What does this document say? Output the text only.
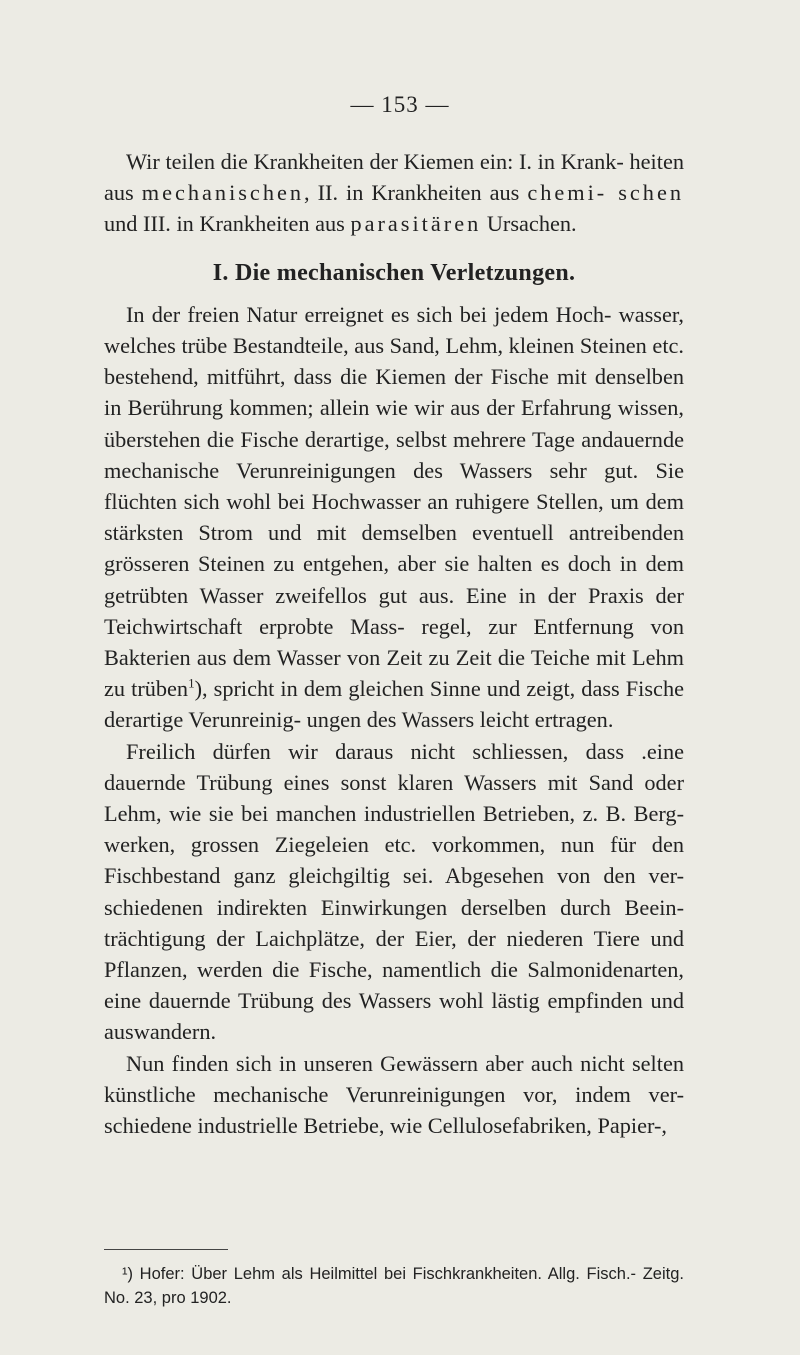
— 153 —

Wir teilen die Krankheiten der Kiemen ein: I. in Krank- heiten aus mechanischen, II. in Krankheiten aus chemi- schen und III. in Krankheiten aus parasitären Ursachen.

I. Die mechanischen Verletzungen.

In der freien Natur erreignet es sich bei jedem Hoch- wasser, welches trübe Bestandteile, aus Sand, Lehm, kleinen Steinen etc. bestehend, mitführt, dass die Kiemen der Fische mit denselben in Berührung kommen; allein wie wir aus der Erfahrung wissen, überstehen die Fische derartige, selbst mehrere Tage andauernde mechanische Verunreinigungen des Wassers sehr gut. Sie flüchten sich wohl bei Hochwasser an ruhigere Stellen, um dem stärksten Strom und mit demselben eventuell antreibenden grösseren Steinen zu entgehen, aber sie halten es doch in dem getrübten Wasser zweifellos gut aus. Eine in der Praxis der Teichwirtschaft erprobte Mass- regel, zur Entfernung von Bakterien aus dem Wasser von Zeit zu Zeit die Teiche mit Lehm zu trüben$^1$), spricht in dem gleichen Sinne und zeigt, dass Fische derartige Verunreinig- ungen des Wassers leicht ertragen.

Freilich dürfen wir daraus nicht schliessen, dass .eine dauernde Trübung eines sonst klaren Wassers mit Sand oder Lehm, wie sie bei manchen industriellen Betrieben, z. B. Berg- werken, grossen Ziegeleien etc. vorkommen, nun für den Fischbestand ganz gleichgiltig sei. Abgesehen von den ver- schiedenen indirekten Einwirkungen derselben durch Beein- trächtigung der Laichplätze, der Eier, der niederen Tiere und Pflanzen, werden die Fische, namentlich die Salmonidenarten, eine dauernde Trübung des Wassers wohl lästig empfinden und auswandern.

Nun finden sich in unseren Gewässern aber auch nicht selten künstliche mechanische Verunreinigungen vor, indem ver- schiedene industrielle Betriebe, wie Cellulosefabriken, Papier-,

¹) Hofer: Über Lehm als Heilmittel bei Fischkrankheiten. Allg. Fisch.- Zeitg. No. 23, pro 1902.
